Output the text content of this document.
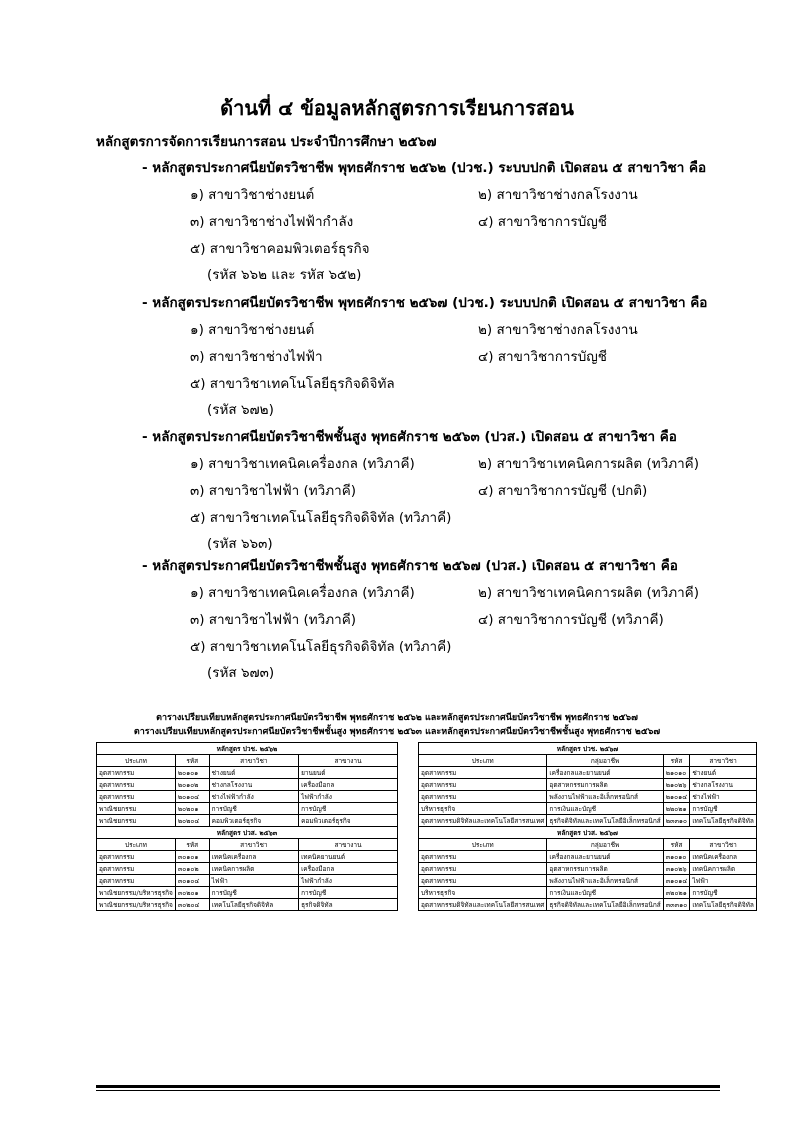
ด้านที่ ๔ ข้อมูลหลักสูตรการเรียนการสอน

หลักสูตรการจัดการเรียนการสอน ประจำปีการศึกษา ๒๕๖๗

- หลักสูตรประกาศนียบัตรวิชาชีพ พุทธศักราช ๒๕๖๒ (ปวช.) ระบบปกติ เปิดสอน ๕ สาขาวิชา คือ
๑) สาขาวิชาช่างยนต์	๒) สาขาวิชาช่างกลโรงงาน
๓) สาขาวิชาช่างไฟฟ้ากำลัง	๔) สาขาวิชาการบัญชี
๕) สาขาวิชาคอมพิวเตอร์ธุรกิจ
(รหัส ๖๖๒ และ รหัส ๖๕๒)
- หลักสูตรประกาศนียบัตรวิชาชีพ พุทธศักราช ๒๕๖๗ (ปวช.) ระบบปกติ เปิดสอน ๕ สาขาวิชา คือ
๑) สาขาวิชาช่างยนต์	๒) สาขาวิชาช่างกลโรงงาน
๓) สาขาวิชาช่างไฟฟ้า	๔) สาขาวิชาการบัญชี
๕) สาขาวิชาเทคโนโลยีธุรกิจดิจิทัล
(รหัส ๖๗๒)
- หลักสูตรประกาศนียบัตรวิชาชีพชั้นสูง พุทธศักราช ๒๕๖๓ (ปวส.) เปิดสอน ๕ สาขาวิชา คือ
๑) สาขาวิชาเทคนิคเครื่องกล (ทวิภาคี)	๒) สาขาวิชาเทคนิคการผลิต (ทวิภาคี)
๓) สาขาวิชาไฟฟ้า (ทวิภาคี)	๔) สาขาวิชาการบัญชี (ปกติ)
๕) สาขาวิชาเทคโนโลยีธุรกิจดิจิทัล (ทวิภาคี)
(รหัส ๖๖๓)
- หลักสูตรประกาศนียบัตรวิชาชีพชั้นสูง พุทธศักราช ๒๕๖๗ (ปวส.) เปิดสอน ๕ สาขาวิชา คือ
๑) สาขาวิชาเทคนิคเครื่องกล (ทวิภาคี)	๒) สาขาวิชาเทคนิคการผลิต (ทวิภาคี)
๓) สาขาวิชาไฟฟ้า (ทวิภาคี)	๔) สาขาวิชาการบัญชี (ทวิภาคี)
๕) สาขาวิชาเทคโนโลยีธุรกิจดิจิทัล (ทวิภาคี)
(รหัส ๖๗๓)
ตารางเปรียบเทียบหลักสูตรประกาศนียบัตรวิชาชีพ พุทธศักราช ๒๕๖๒ และหลักสูตรประกาศนียบัตรวิชาชีพ พุทธศักราช ๒๕๖๗
ตารางเปรียบเทียบหลักสูตรประกาศนียบัตรวิชาชีพชั้นสูง พุทธศักราช ๒๕๖๓ และหลักสูตรประกาศนียบัตรวิชาชีพชั้นสูง พุทธศักราช ๒๕๖๗
หลักสูตร ปวช. ๒๕๖๒			
ประเภท	รหัส	สาขาวิชา	สาขางาน
อุตสาหกรรม	๒๐๑๐๑	ช่างยนต์	ยานยนต์
อุตสาหกรรม	๒๐๑๐๒	ช่างกลโรงงาน	เครื่องมือกล
อุตสาหกรรม	๒๐๑๐๔	ช่างไฟฟ้ากำลัง	ไฟฟ้ากำลัง
พาณิชยกรรม	๒๐๒๐๑	การบัญชี	การบัญชี
พาณิชยกรรม	๒๐๒๐๔	คอมพิวเตอร์ธุรกิจ	คอมพิวเตอร์ธุรกิจ
หลักสูตร ปวส. ๒๕๖๓			
ประเภท	รหัส	สาขาวิชา	สาขางาน
อุตสาหกรรม	๓๐๑๐๑	เทคนิคเครื่องกล	เทคนิคยานยนต์
อุตสาหกรรม	๓๐๑๐๒	เทคนิคการผลิต	เครื่องมือกล
อุตสาหกรรม	๓๐๑๐๔	ไฟฟ้า	ไฟฟ้ากำลัง
พาณิชยกรรม/บริหารธุรกิจ	๓๐๒๐๑	การบัญชี	การบัญชี
พาณิชยกรรม/บริหารธุรกิจ	๓๐๒๐๔	เทคโนโลยีธุรกิจดิจิทัล	ธุรกิจดิจิทัล
หลักสูตร ปวช. ๒๕๖๗			
ประเภท	กลุ่มอาชีพ	รหัส	สาขาวิชา
อุตสาหกรรม	เครื่องกลและยานยนต์	๒๑๐๑๐	ช่างยนต์
อุตสาหกรรม	อุตสาหกรรมการผลิต	๒๑๐๒๖	ช่างกลโรงงาน
อุตสาหกรรม	พลังงานไฟฟ้าและอิเล็กทรอนิกส์	๒๑๐๑๔	ช่างไฟฟ้า
บริหารธุรกิจ	การเงินและบัญชี	๒๒๐๒๑	การบัญชี
อุตสาหกรรมดิจิทัลและเทคโนโลยีสารสนเทศ	ธุรกิจดิจิทัลและเทคโนโลยีอิเล็กทรอนิกส์	๒๓๓๑๐	เทคโนโลยีธุรกิจดิจิทัล
หลักสูตร ปวส. ๒๕๖๗			
ประเภท	กลุ่มอาชีพ	รหัส	สาขาวิชา
อุตสาหกรรม	เครื่องกลและยานยนต์	๓๑๐๑๐	เทคนิคเครื่องกล
อุตสาหกรรม	อุตสาหกรรมการผลิต	๓๑๐๒๖	เทคนิคการผลิต
อุตสาหกรรม	พลังงานไฟฟ้าและอิเล็กทรอนิกส์	๓๑๐๑๔	ไฟฟ้า
บริหารธุรกิจ	การเงินและบัญชี	๓๒๐๒๑	การบัญชี
อุตสาหกรรมดิจิทัลและเทคโนโลยีสารสนเทศ	ธุรกิจดิจิทัลและเทคโนโลยีอิเล็กทรอนิกส์	๓๓๓๑๐	เทคโนโลยีธุรกิจดิจิทัล
